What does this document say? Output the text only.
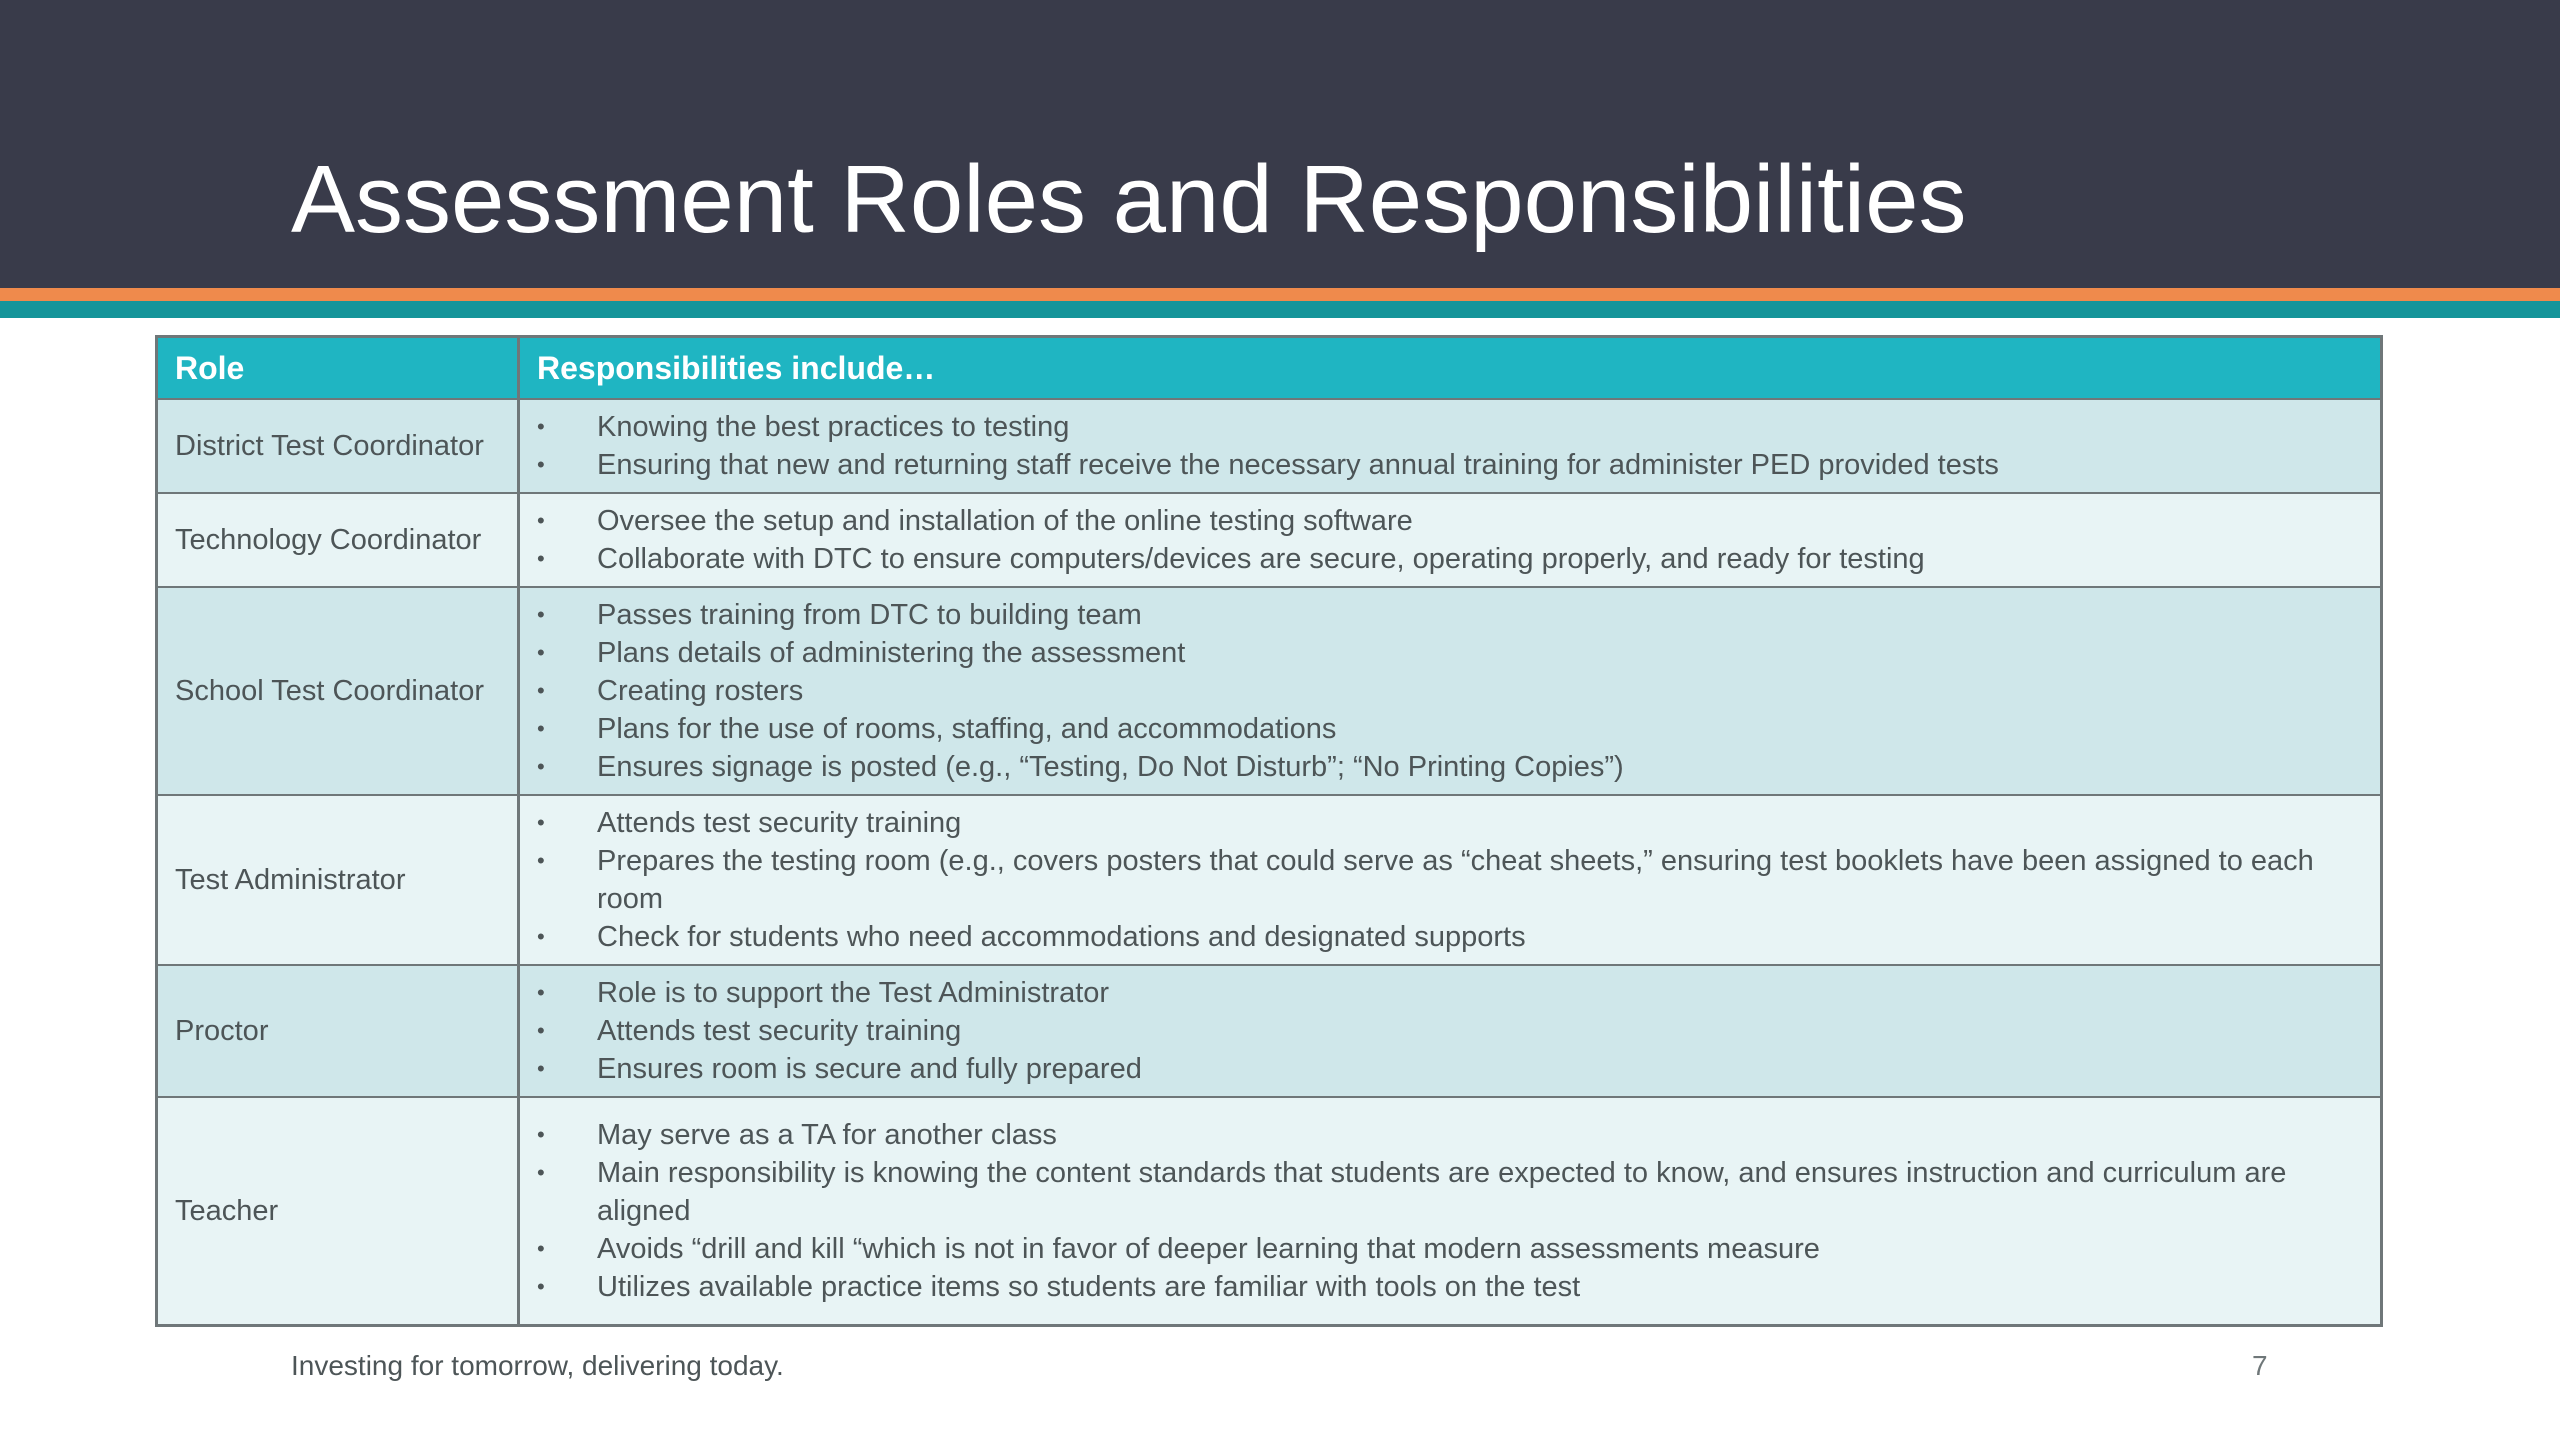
Assessment Roles and Responsibilities
Role	Responsibilities include…
District Test Coordinator
• Knowing the best practices to testing
• Ensuring that new and returning staff receive the necessary annual training for administer PED provided tests
Technology Coordinator
• Oversee the setup and installation of the online testing software
• Collaborate with DTC to ensure computers/devices are secure, operating properly, and ready for testing
School Test Coordinator
• Passes training from DTC to building team
• Plans details of administering the assessment
• Creating rosters
• Plans for the use of rooms, staffing, and accommodations
• Ensures signage is posted (e.g., “Testing, Do Not Disturb”; “No Printing Copies”)
Test Administrator
• Attends test security training
• Prepares the testing room (e.g., covers posters that could serve as “cheat sheets,” ensuring test booklets have been assigned to each room
• Check for students who need accommodations and designated supports
Proctor
• Role is to support the Test Administrator
• Attends test security training
• Ensures room is secure and fully prepared
Teacher
• May serve as a TA for another class
• Main responsibility is knowing the content standards that students are expected to know, and ensures instruction and curriculum are aligned
• Avoids “drill and kill “which is not in favor of deeper learning that modern assessments measure
• Utilizes available practice items so students are familiar with tools on the test
Investing for tomorrow, delivering today.	7
